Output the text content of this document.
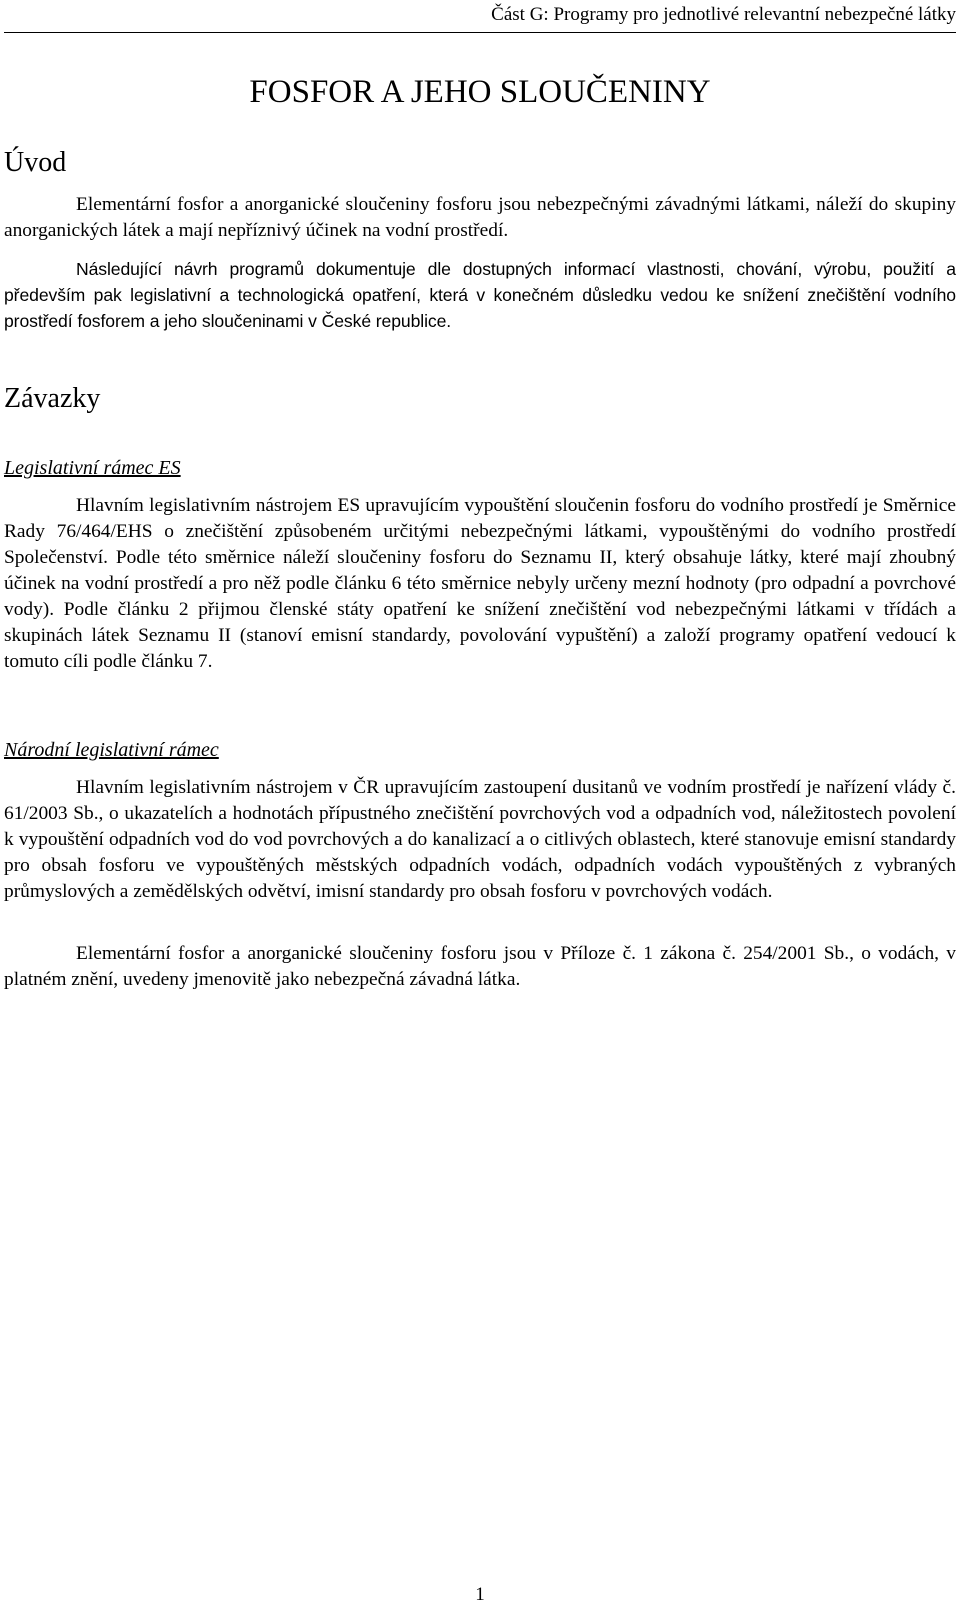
Část G: Programy pro jednotlivé relevantní nebezpečné látky
FOSFOR A JEHO SLOUČENINY
Úvod

Elementární fosfor a anorganické sloučeniny fosforu jsou nebezpečnými závadnými látkami, náleží do skupiny anorganických látek a mají nepříznivý účinek na vodní prostředí.

Následující návrh programů dokumentuje dle dostupných informací vlastnosti, chování, výrobu, použití a především pak legislativní a technologická opatření, která v konečném důsledku vedou ke snížení znečištění vodního prostředí fosforem a jeho sloučeninami v České republice.

Závazky
Legislativní rámec ES

Hlavním legislativním nástrojem ES upravujícím vypouštění sloučenin fosforu do vodního prostředí je Směrnice Rady 76/464/EHS o znečištění způsobeném určitými nebezpečnými látkami, vypouštěnými do vodního prostředí Společenství. Podle této směrnice náleží sloučeniny fosforu do Seznamu II, který obsahuje látky, které mají zhoubný účinek na vodní prostředí a pro něž podle článku 6 této směrnice nebyly určeny mezní hodnoty (pro odpadní a povrchové vody). Podle článku 2 přijmou členské státy opatření ke snížení znečištění vod nebezpečnými látkami v třídách a skupinách látek Seznamu II (stanoví emisní standardy, povolování vypuštění) a založí programy opatření vedoucí k tomuto cíli podle článku 7.

Národní legislativní rámec

Hlavním legislativním nástrojem v ČR upravujícím zastoupení dusitanů ve vodním prostředí je nařízení vlády č. 61/2003 Sb., o ukazatelích a hodnotách přípustného znečištění povrchových vod a odpadních vod, náležitostech povolení k vypouštění odpadních vod do vod povrchových a do kanalizací a o citlivých oblastech, které stanovuje emisní standardy pro obsah fosforu ve vypouštěných městských odpadních vodách, odpadních vodách vypouštěných z vybraných průmyslových a zemědělských odvětví, imisní standardy pro obsah fosforu v povrchových vodách.

Elementární fosfor a anorganické sloučeniny fosforu jsou v Příloze č. 1 zákona č. 254/2001 Sb., o vodách, v platném znění, uvedeny jmenovitě jako nebezpečná závadná látka.

1
